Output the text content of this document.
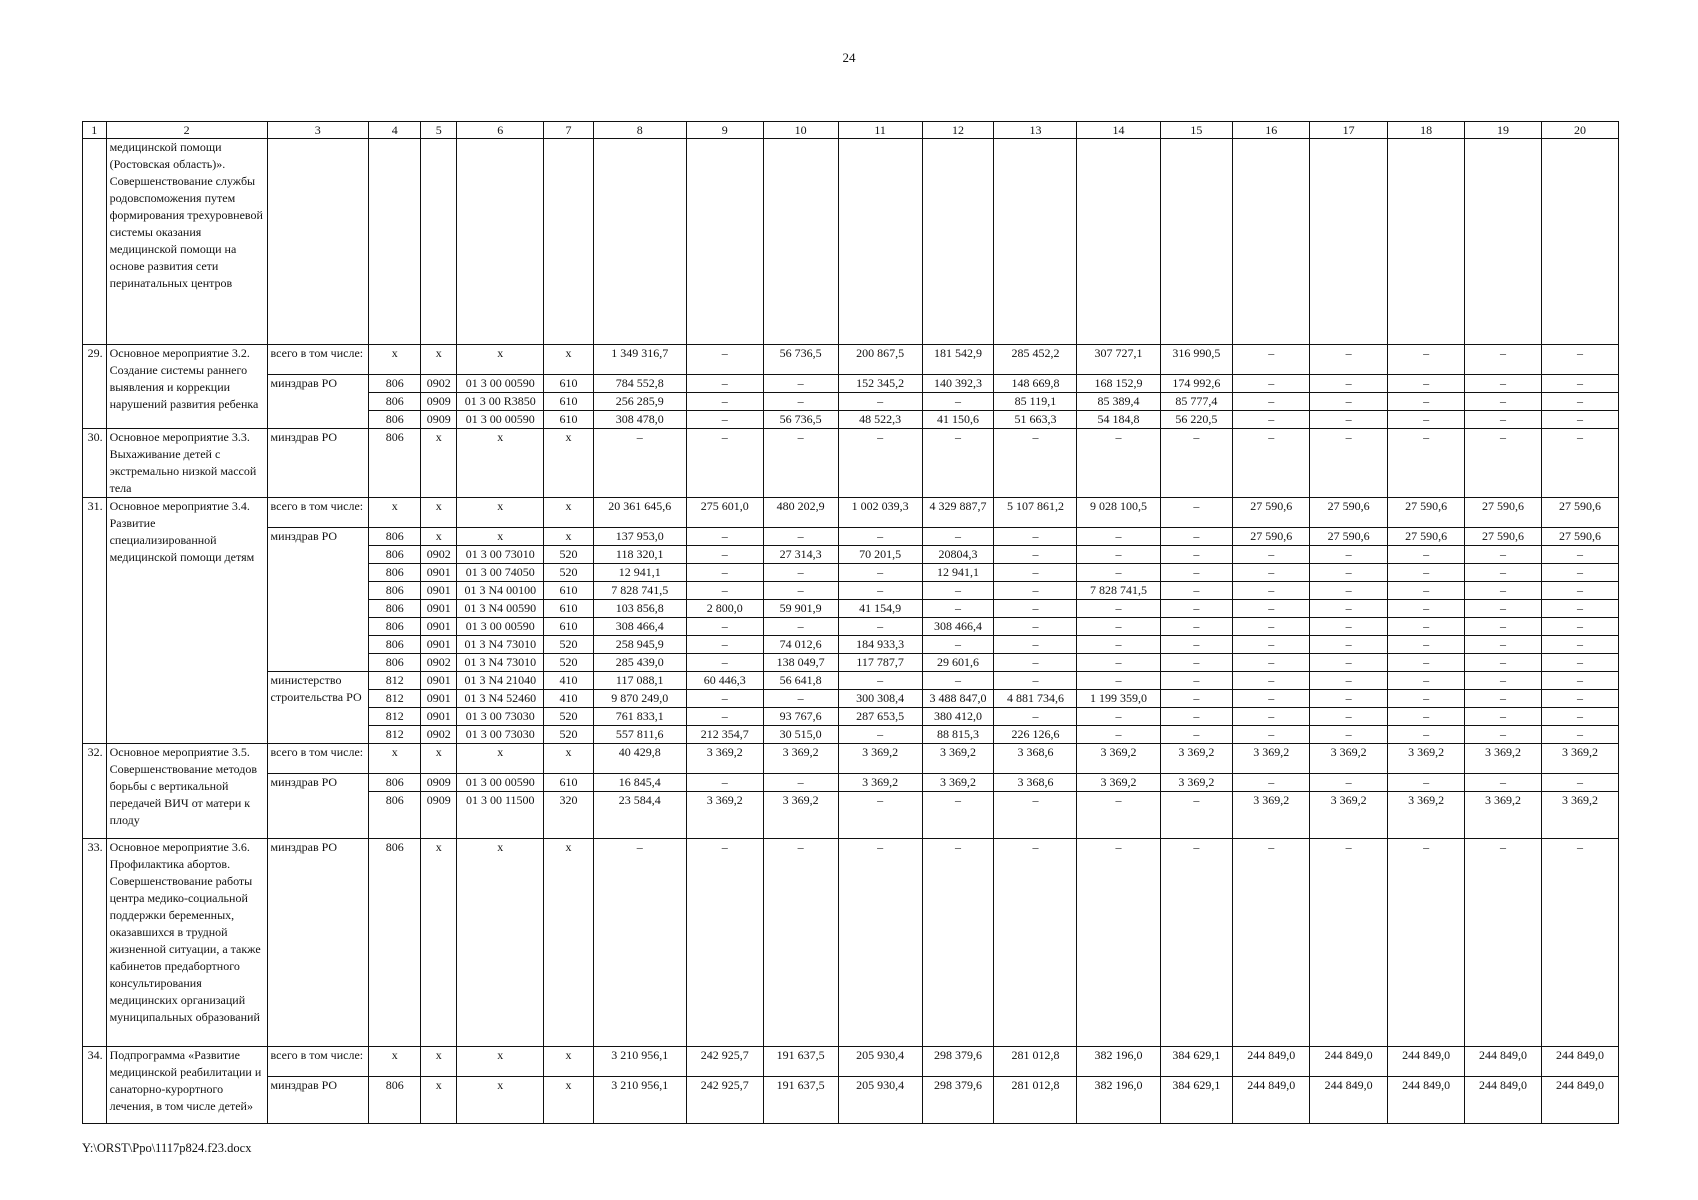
24
1	2	3	4	5	6	7	8	9	10	11	12	13	14	15	16	17	18	19	20
	медицинской помощи (Ростовская область)». Совершенствование службы родовспоможения путем формирования трехуровневой системы оказания медицинской помощи на основе развития сети перинатальных центров																		
29.	Основное мероприятие 3.2. Создание системы раннего выявления и коррекции нарушений развития ребенка	всего в том числе:	х	х	х	х	1 349 316,7	–	56 736,5	200 867,5	181 542,9	285 452,2	307 727,1	316 990,5	–	–	–	–	–
		минздрав РО	806	0902	01 3 00 00590	610	784 552,8	–	–	152 345,2	140 392,3	148 669,8	168 152,9	174 992,6	–	–	–	–	–
			806	0909	01 3 00 R3850	610	256 285,9	–	–	–	–	85 119,1	85 389,4	85 777,4	–	–	–	–	–
			806	0909	01 3 00 00590	610	308 478,0	–	56 736,5	48 522,3	41 150,6	51 663,3	54 184,8	56 220,5	–	–	–	–	–
30.	Основное мероприятие 3.3. Выхаживание детей с экстремально низкой массой тела	минздрав РО	806	х	х	х	–	–	–	–	–	–	–	–	–	–	–	–	–
31.	Основное мероприятие 3.4. Развитие специализированной медицинской помощи детям	всего в том числе:	х	х	х	х	20 361 645,6	275 601,0	480 202,9	1 002 039,3	4 329 887,7	5 107 861,2	9 028 100,5	–	27 590,6	27 590,6	27 590,6	27 590,6	27 590,6
		минздрав РО	806	х	х	х	137 953,0	–	–	–	–	–	–	–	27 590,6	27 590,6	27 590,6	27 590,6	27 590,6
			806	0902	01 3 00 73010	520	118 320,1	–	27 314,3	70 201,5	20804,3	–	–	–	–	–	–	–	–
			806	0901	01 3 00 74050	520	12 941,1	–	–	–	12 941,1	–	–	–	–	–	–	–	–
			806	0901	01 3 N4 00100	610	7 828 741,5	–	–	–	–	–	7 828 741,5	–	–	–	–	–	–
			806	0901	01 3 N4 00590	610	103 856,8	2 800,0	59 901,9	41 154,9	–	–	–	–	–	–	–	–	–
			806	0901	01 3 00 00590	610	308 466,4	–	–	–	308 466,4	–	–	–	–	–	–	–	–
			806	0901	01 3 N4 73010	520	258 945,9	–	74 012,6	184 933,3	–	–	–	–	–	–	–	–	–
			806	0902	01 3 N4 73010	520	285 439,0	–	138 049,7	117 787,7	29 601,6	–	–	–	–	–	–	–	–
		министерство строительства РО	812	0901	01 3 N4 21040	410	117 088,1	60 446,3	56 641,8	–	–	–	–	–	–	–	–	–	–
			812	0901	01 3 N4 52460	410	9 870 249,0	–	–	300 308,4	3 488 847,0	4 881 734,6	1 199 359,0	–	–	–	–	–	–
			812	0901	01 3 00 73030	520	761 833,1	–	93 767,6	287 653,5	380 412,0	–	–	–	–	–	–	–	–
			812	0902	01 3 00 73030	520	557 811,6	212 354,7	30 515,0	–	88 815,3	226 126,6	–	–	–	–	–	–	–
32.	Основное мероприятие 3.5. Совершенствование методов борьбы с вертикальной передачей ВИЧ от матери к плоду	всего в том числе:	х	х	х	х	40 429,8	3 369,2	3 369,2	3 369,2	3 369,2	3 368,6	3 369,2	3 369,2	3 369,2	3 369,2	3 369,2	3 369,2	3 369,2
		минздрав РО	806	0909	01 3 00 00590	610	16 845,4	–	–	3 369,2	3 369,2	3 368,6	3 369,2	3 369,2	–	–	–	–	–
			806	0909	01 3 00 11500	320	23 584,4	3 369,2	3 369,2	–	–	–	–	–	3 369,2	3 369,2	3 369,2	3 369,2	3 369,2
33.	Основное мероприятие 3.6. Профилактика абортов. Совершенствование работы центра медико-социальной поддержки беременных, оказавшихся в трудной жизненной ситуации, а также кабинетов предабортного консультирования медицинских организаций муниципальных образований	минздрав РО	806	х	х	х	–	–	–	–	–	–	–	–	–	–	–	–	–
34.	Подпрограмма «Развитие медицинской реабилитации и санаторно-курортного лечения, в том числе детей»	всего в том числе:	х	х	х	х	3 210 956,1	242 925,7	191 637,5	205 930,4	298 379,6	281 012,8	382 196,0	384 629,1	244 849,0	244 849,0	244 849,0	244 849,0	244 849,0
		минздрав РО	806	х	х	х	3 210 956,1	242 925,7	191 637,5	205 930,4	298 379,6	281 012,8	382 196,0	384 629,1	244 849,0	244 849,0	244 849,0	244 849,0	244 849,0
Y:\ORST\Ppo\1117p824.f23.docx
